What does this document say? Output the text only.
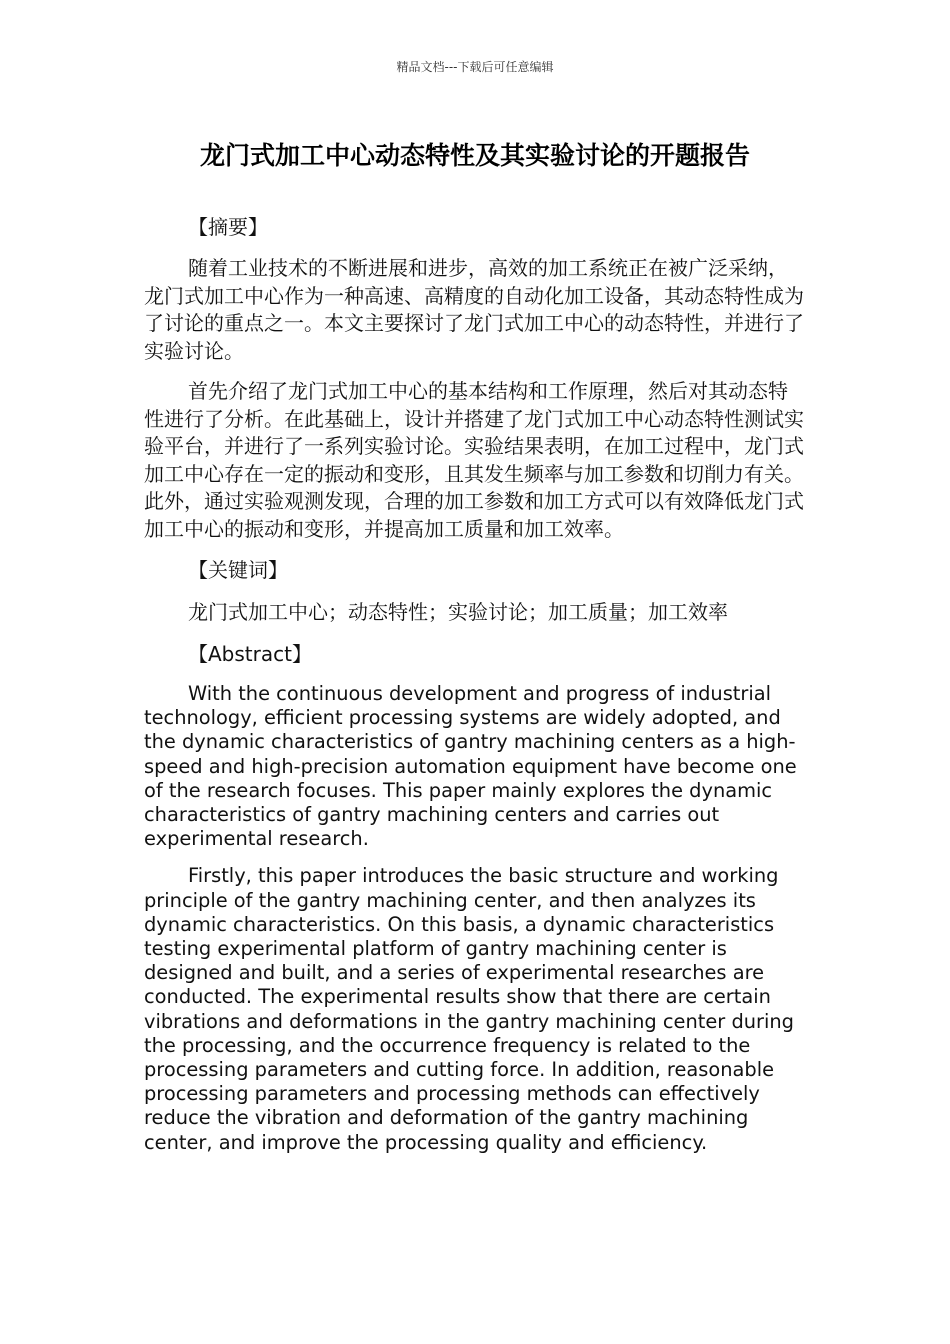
精品文档---下载后可任意编辑
龙门式加工中心动态特性及其实验讨论的开题报告

【摘要】

随着工业技术的不断进展和进步，高效的加工系统正在被广泛采纳，龙门式加工中心作为一种高速、高精度的自动化加工设备，其动态特性成为了讨论的重点之一。本文主要探讨了龙门式加工中心的动态特性，并进行了实验讨论。

首先介绍了龙门式加工中心的基本结构和工作原理，然后对其动态特性进行了分析。在此基础上，设计并搭建了龙门式加工中心动态特性测试实验平台，并进行了一系列实验讨论。实验结果表明，在加工过程中，龙门式加工中心存在一定的振动和变形，且其发生频率与加工参数和切削力有关。此外，通过实验观测发现，合理的加工参数和加工方式可以有效降低龙门式加工中心的振动和变形，并提高加工质量和加工效率。

【关键词】

龙门式加工中心；动态特性；实验讨论；加工质量；加工效率

【Abstract】

With the continuous development and progress of industrial technology, efficient processing systems are widely adopted, and the dynamic characteristics of gantry machining centers as a high-speed and high-precision automation equipment have become one of the research focuses. This paper mainly explores the dynamic characteristics of gantry machining centers and carries out experimental research.

Firstly, this paper introduces the basic structure and working principle of the gantry machining center, and then analyzes its dynamic characteristics. On this basis, a dynamic characteristics testing experimental platform of gantry machining center is designed and built, and a series of experimental researches are conducted. The experimental results show that there are certain vibrations and deformations in the gantry machining center during the processing, and the occurrence frequency is related to the processing parameters and cutting force. In addition, reasonable processing parameters and processing methods can effectively reduce the vibration and deformation of the gantry machining center, and improve the processing quality and efficiency.
